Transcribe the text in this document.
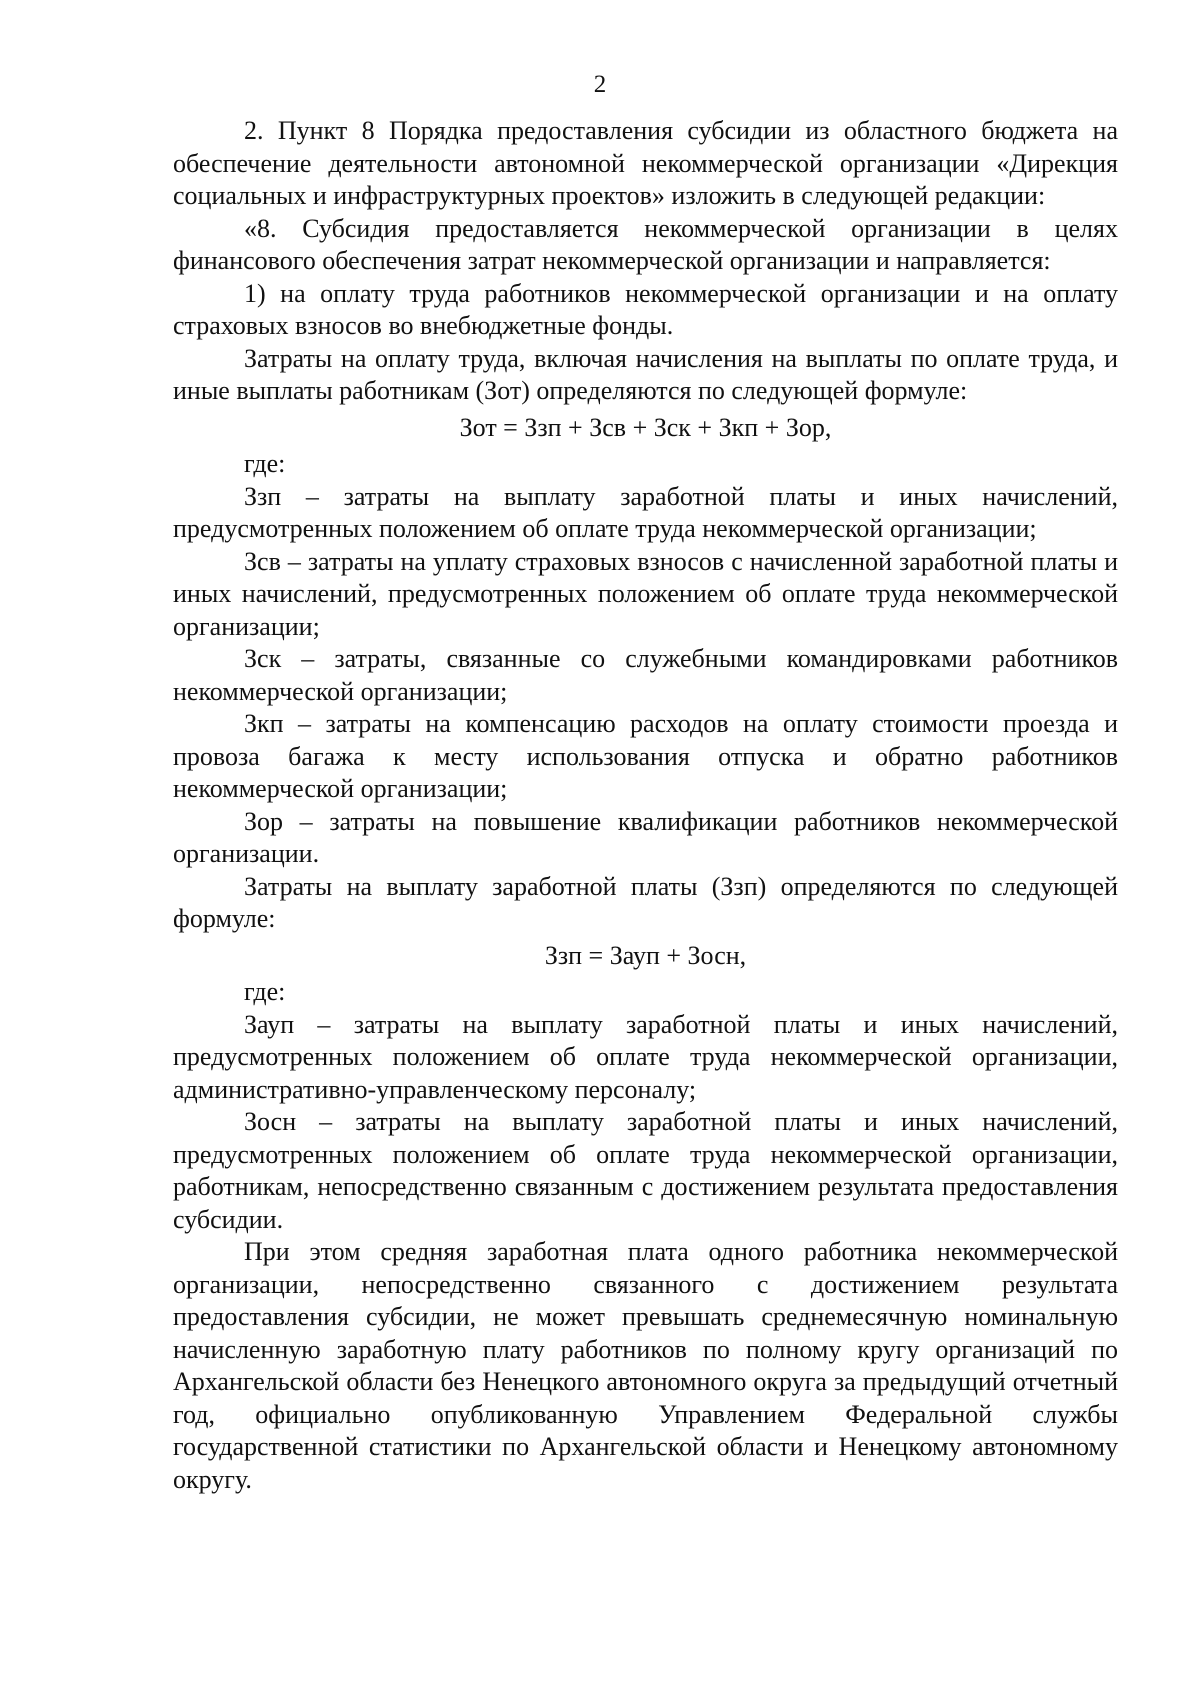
2

2. Пункт 8 Порядка предоставления субсидии из областного бюджета на обеспечение деятельности автономной некоммерческой организации «Дирекция социальных и инфраструктурных проектов» изложить в следующей редакции:

«8. Субсидия предоставляется некоммерческой организации в целях финансового обеспечения затрат некоммерческой организации и направляется:

1) на оплату труда работников некоммерческой организации и на оплату страховых взносов во внебюджетные фонды.

Затраты на оплату труда, включая начисления на выплаты по оплате труда, и иные выплаты работникам (Зот) определяются по следующей формуле:

Зот = Ззп + Зсв + Зск + Зкп + Зор,

где:

Ззп – затраты на выплату заработной платы и иных начислений, предусмотренных положением об оплате труда некоммерческой организации;

Зсв – затраты на уплату страховых взносов с начисленной заработной платы и иных начислений, предусмотренных положением об оплате труда некоммерческой организации;

Зск – затраты, связанные со служебными командировками работников некоммерческой организации;

Зкп – затраты на компенсацию расходов на оплату стоимости проезда и провоза багажа к месту использования отпуска и обратно работников некоммерческой организации;

Зор – затраты на повышение квалификации работников некоммерческой организации.

Затраты на выплату заработной платы (Ззп) определяются по следующей формуле:

Ззп = Зауп + Зосн,

где:

Зауп – затраты на выплату заработной платы и иных начислений, предусмотренных положением об оплате труда некоммерческой организации, административно-управленческому персоналу;

Зосн – затраты на выплату заработной платы и иных начислений, предусмотренных положением об оплате труда некоммерческой организации, работникам, непосредственно связанным с достижением результата предоставления субсидии.

При этом средняя заработная плата одного работника некоммерческой организации, непосредственно связанного с достижением результата предоставления субсидии, не может превышать среднемесячную номинальную начисленную заработную плату работников по полному кругу организаций по Архангельской области без Ненецкого автономного округа за предыдущий отчетный год, официально опубликованную Управлением Федеральной службы государственной статистики по Архангельской области и Ненецкому автономному округу.
